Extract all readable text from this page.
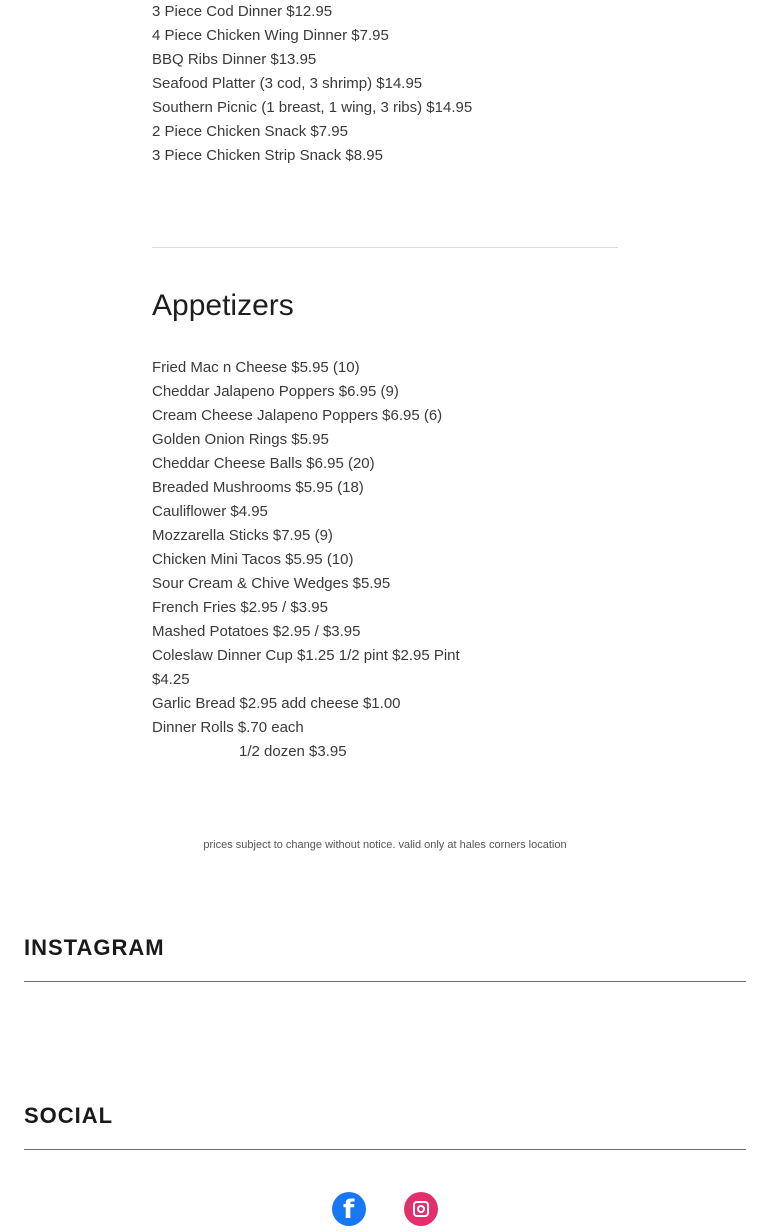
3 Piece Cod Dinner $12.95
4 Piece Chicken Wing Dinner $7.95
BBQ Ribs Dinner $13.95
Seafood Platter (3 cod, 3 shrimp) $14.95
Southern Picnic (1 breast, 1 wing, 3 ribs) $14.95
2 Piece Chicken Snack $7.95
3 Piece Chicken Strip Snack $8.95
Appetizers
Fried Mac n Cheese $5.95 (10)
Cheddar Jalapeno Poppers $6.95 (9)
Cream Cheese Jalapeno Poppers $6.95 (6)
Golden Onion Rings $5.95
Cheddar Cheese Balls $6.95 (20)
Breaded Mushrooms $5.95 (18)
Cauliflower $4.95
Mozzarella Sticks $7.95 (9)
Chicken Mini Tacos $5.95 (10)
Sour Cream & Chive Wedges $5.95
French Fries $2.95 / $3.95
Mashed Potatoes $2.95 / $3.95
Coleslaw Dinner Cup $1.25 1/2 pint $2.95 Pint $4.25
Garlic Bread $2.95 add cheese $1.00
Dinner Rolls $.70 each
1/2 dozen $3.95
prices subject to change without notice. valid only at hales corners location
INSTAGRAM
SOCIAL
f
